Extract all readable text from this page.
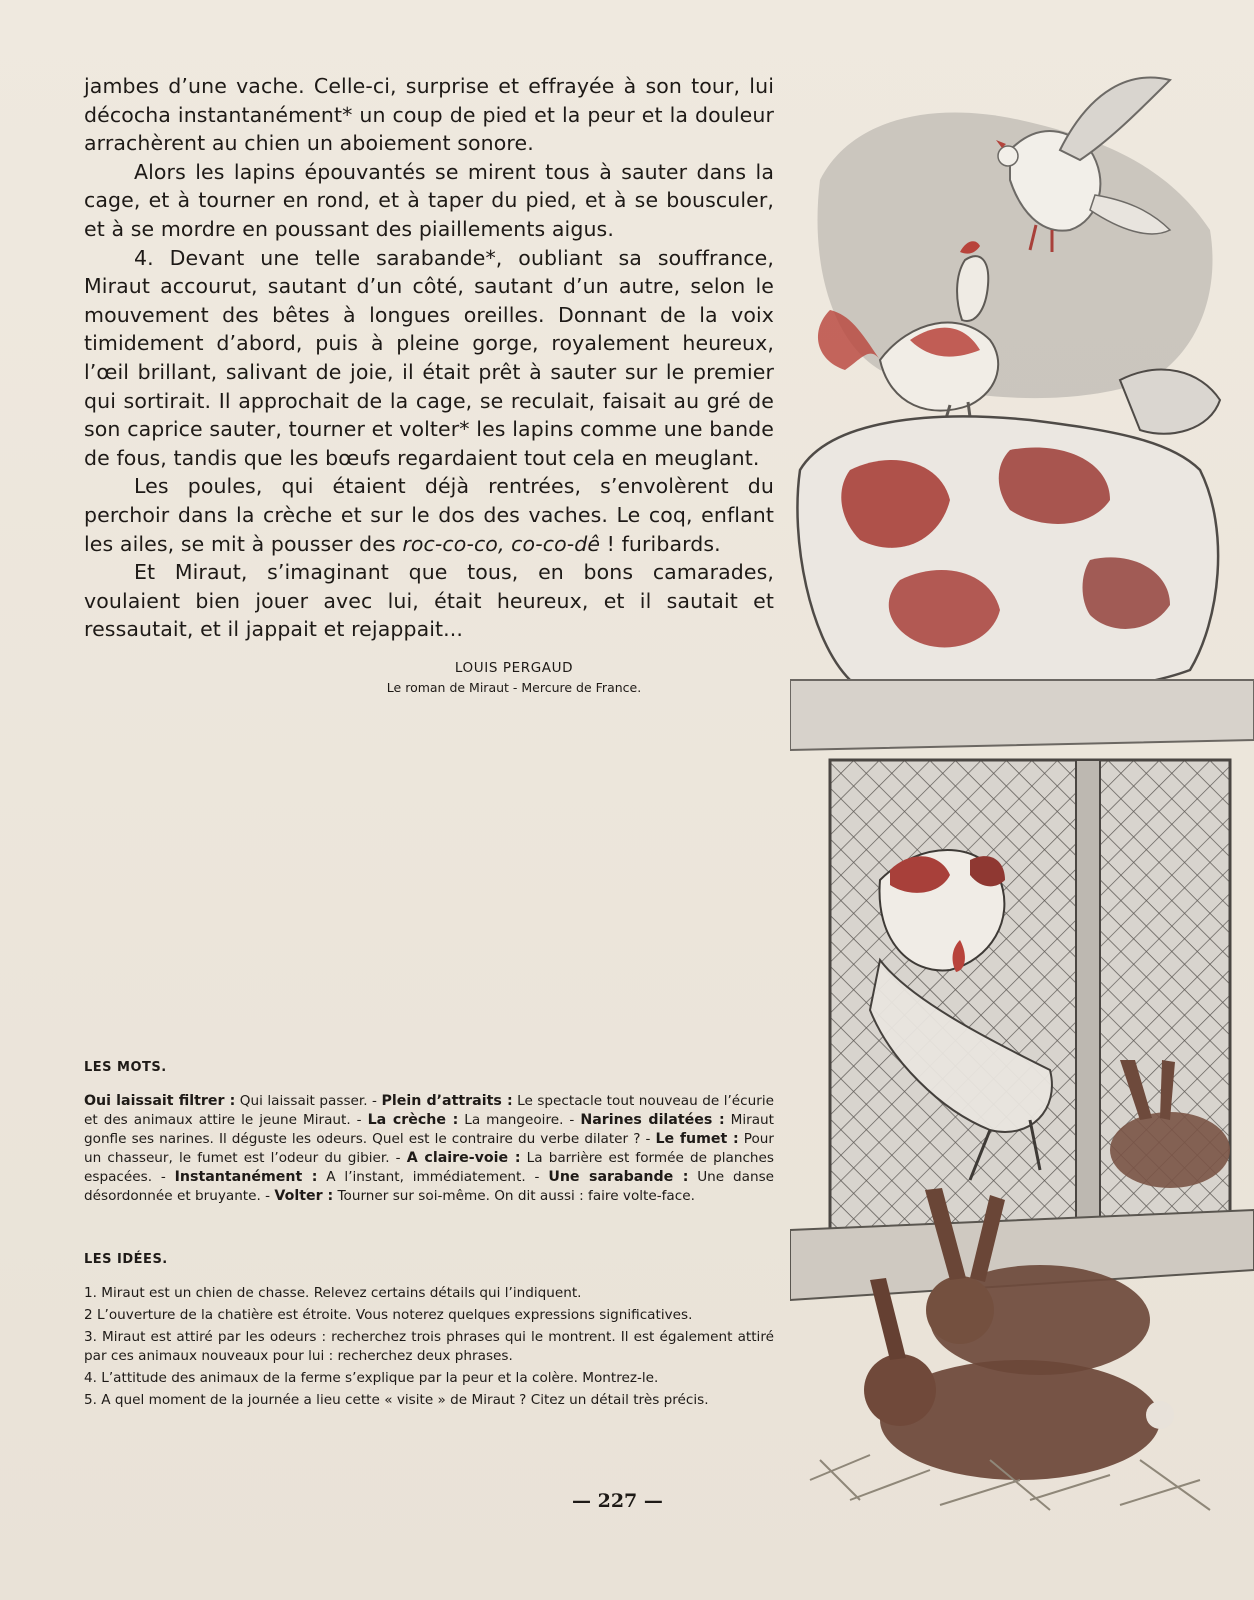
jambes d’une vache. Celle-ci, surprise et effrayée à son tour, lui décocha instantanément* un coup de pied et la peur et la douleur arrachèrent au chien un aboiement sonore.

Alors les lapins épouvantés se mirent tous à sauter dans la cage, et à tourner en rond, et à taper du pied, et à se bousculer, et à se mordre en poussant des piaillements aigus.

4. Devant une telle sarabande*, oubliant sa souffrance, Miraut accourut, sautant d’un côté, sautant d’un autre, selon le mouvement des bêtes à longues oreilles. Donnant de la voix timidement d’abord, puis à pleine gorge, royalement heureux, l’œil brillant, salivant de joie, il était prêt à sauter sur le premier qui sortirait. Il approchait de la cage, se reculait, faisait au gré de son caprice sauter, tourner et volter* les lapins comme une bande de fous, tandis que les bœufs regardaient tout cela en meuglant.

Les poules, qui étaient déjà rentrées, s’envolèrent du perchoir dans la crèche et sur le dos des vaches. Le coq, enflant les ailes, se mit à pousser des roc-co-co, co-co-dê ! furibards.

Et Miraut, s’imaginant que tous, en bons camarades, voulaient bien jouer avec lui, était heureux, et il sautait et ressautait, et il jappait et rejappait...

LOUIS PERGAUD
Le roman de Miraut - Mercure de France.
LES MOTS.

Oui laissait filtrer : Qui laissait passer. - Plein d’attraits : Le spectacle tout nouveau de l’écurie et des animaux attire le jeune Miraut. - La crèche : La mangeoire. - Narines dilatées : Miraut gonfle ses narines. Il déguste les odeurs. Quel est le contraire du verbe dilater ? - Le fumet : Pour un chasseur, le fumet est l’odeur du gibier. - A claire-voie : La barrière est formée de planches espacées. - Instantanément : A l’instant, immédiatement. - Une sarabande : Une danse désordonnée et bruyante. - Volter : Tourner sur soi-même. On dit aussi : faire volte-face.

LES IDÉES.
1. Miraut est un chien de chasse. Relevez certains détails qui l’indiquent.
2 L’ouverture de la chatière est étroite. Vous noterez quelques expressions significatives.
3. Miraut est attiré par les odeurs : recherchez trois phrases qui le montrent. Il est également attiré par ces animaux nouveaux pour lui : recherchez deux phrases.
4. L’attitude des animaux de la ferme s’explique par la peur et la colère. Montrez-le.
5. A quel moment de la journée a lieu cette « visite » de Miraut ? Citez un détail très précis.
— 227 —
